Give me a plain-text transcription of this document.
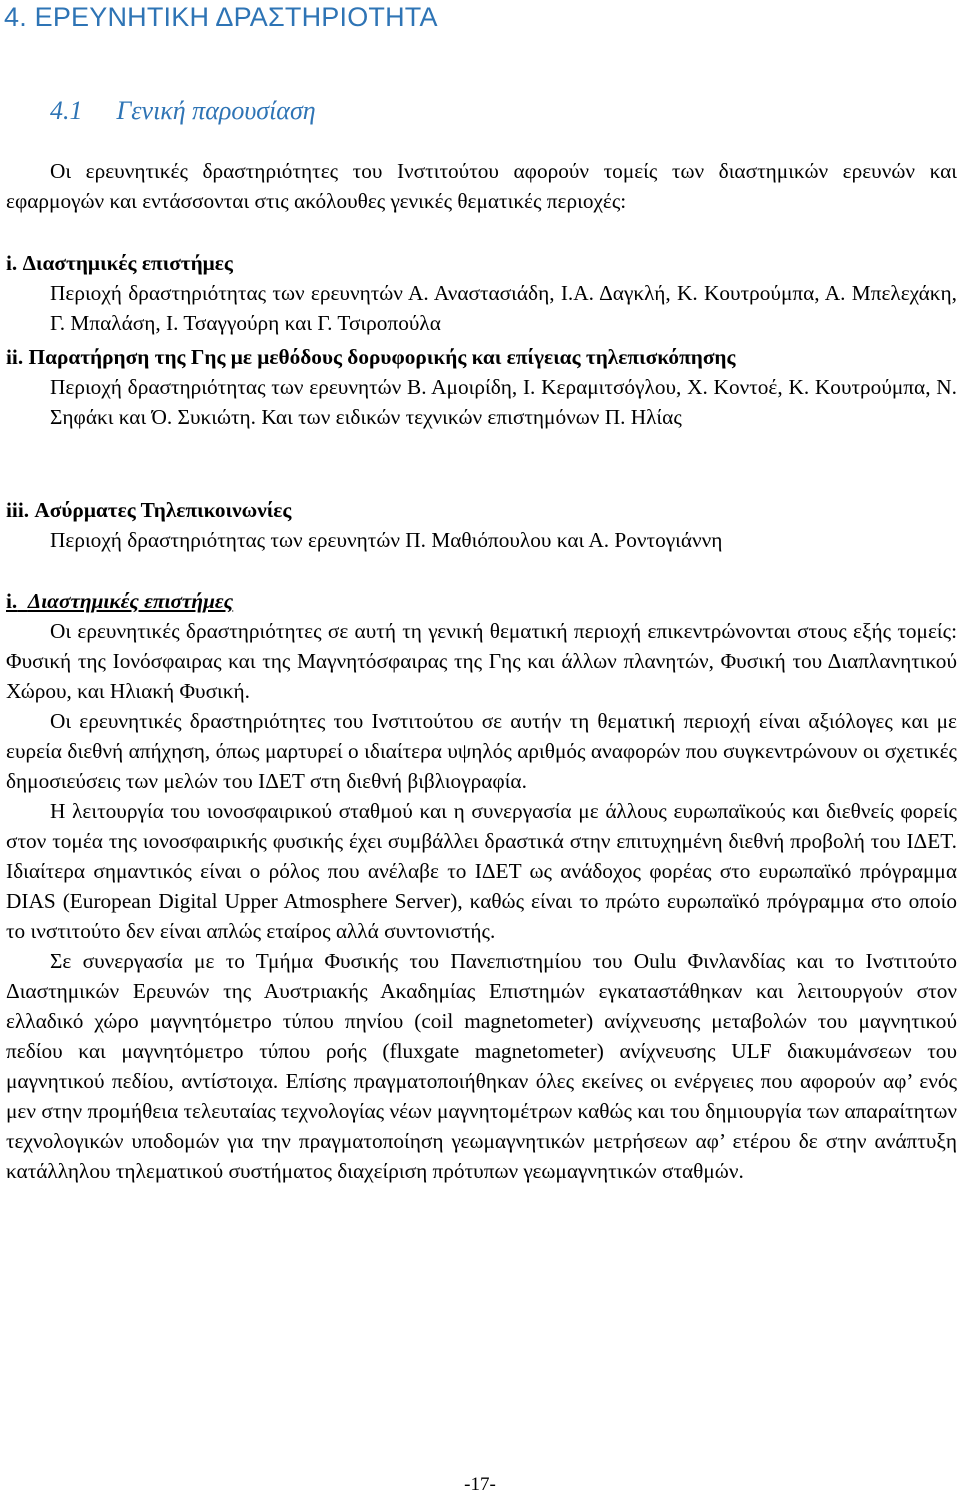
4. ΕΡΕΥΝΗΤΙΚΗ ΔΡΑΣΤΗΡΙΟΤΗΤΑ
4.1 Γενική παρουσίαση
Οι ερευνητικές δραστηριότητες του Ινστιτούτου αφορούν τομείς των διαστημικών ερευνών και εφαρμογών και εντάσσονται στις ακόλουθες γενικές θεματικές περιοχές:
i. Διαστημικές επιστήμες
Περιοχή δραστηριότητας των ερευνητών Α. Αναστασιάδη, Ι.Α. Δαγκλή, Κ. Κουτρούμπα, Α. Μπελεχάκη, Γ. Μπαλάση, Ι. Τσαγγούρη και Γ. Τσιροπούλα
ii. Παρατήρηση της Γης με μεθόδους δορυφορικής και επίγειας τηλεπισκόπησης
Περιοχή δραστηριότητας των ερευνητών Β. Αμοιρίδη, Ι. Κεραμιτσόγλου, Χ. Κοντοέ, Κ. Κουτρούμπα, Ν. Σηφάκι και Ό. Συκιώτη. Και των ειδικών τεχνικών επιστημόνων Π. Ηλίας
iii. Ασύρματες Τηλεπικοινωνίες
Περιοχή δραστηριότητας των ερευνητών Π. Μαθιόπουλου και Α. Ροντογιάννη
i. Διαστημικές επιστήμες
Οι ερευνητικές δραστηριότητες σε αυτή τη γενική θεματική περιοχή επικεντρώνονται στους εξής τομείς: Φυσική της Ιονόσφαιρας και της Μαγνητόσφαιρας της Γης και άλλων πλανητών, Φυσική του Διαπλανητικού Χώρου, και Ηλιακή Φυσική.
Οι ερευνητικές δραστηριότητες του Ινστιτούτου σε αυτήν τη θεματική περιοχή είναι αξιόλογες και με ευρεία διεθνή απήχηση, όπως μαρτυρεί ο ιδιαίτερα υψηλός αριθμός αναφορών που συγκεντρώνουν οι σχετικές δημοσιεύσεις των μελών του ΙΔΕΤ στη διεθνή βιβλιογραφία.
Η λειτουργία του ιονοσφαιρικού σταθμού και η συνεργασία με άλλους ευρωπαϊκούς και διεθνείς φορείς στον τομέα της ιονοσφαιρικής φυσικής έχει συμβάλλει δραστικά στην επιτυχημένη διεθνή προβολή του ΙΔΕΤ. Ιδιαίτερα σημαντικός είναι ο ρόλος που ανέλαβε το ΙΔΕΤ ως ανάδοχος φορέας στο ευρωπαϊκό πρόγραμμα DIAS (European Digital Upper Atmosphere Server), καθώς είναι το πρώτο ευρωπαϊκό πρόγραμμα στο οποίο το ινστιτούτο δεν είναι απλώς εταίρος αλλά συντονιστής.
Σε συνεργασία με το Τμήμα Φυσικής του Πανεπιστημίου του Oulu Φινλανδίας και το Ινστιτούτο Διαστημικών Ερευνών της Αυστριακής Ακαδημίας Επιστημών εγκαταστάθηκαν και λειτουργούν στον ελλαδικό χώρο μαγνητόμετρο τύπου πηνίου (coil magnetometer) ανίχνευσης μεταβολών του μαγνητικού πεδίου και μαγνητόμετρο τύπου ροής (fluxgate magnetometer) ανίχνευσης ULF διακυμάνσεων του μαγνητικού πεδίου, αντίστοιχα. Επίσης πραγματοποιήθηκαν όλες εκείνες οι ενέργειες που αφορούν αφ’ ενός μεν στην προμήθεια τελευταίας τεχνολογίας νέων μαγνητομέτρων καθώς και του δημιουργία των απαραίτητων τεχνολογικών υποδομών για την πραγματοποίηση γεωμαγνητικών μετρήσεων αφ’ ετέρου δε στην ανάπτυξη κατάλληλου τηλεματικού συστήματος διαχείριση πρότυπων γεωμαγνητικών σταθμών.
-17-
